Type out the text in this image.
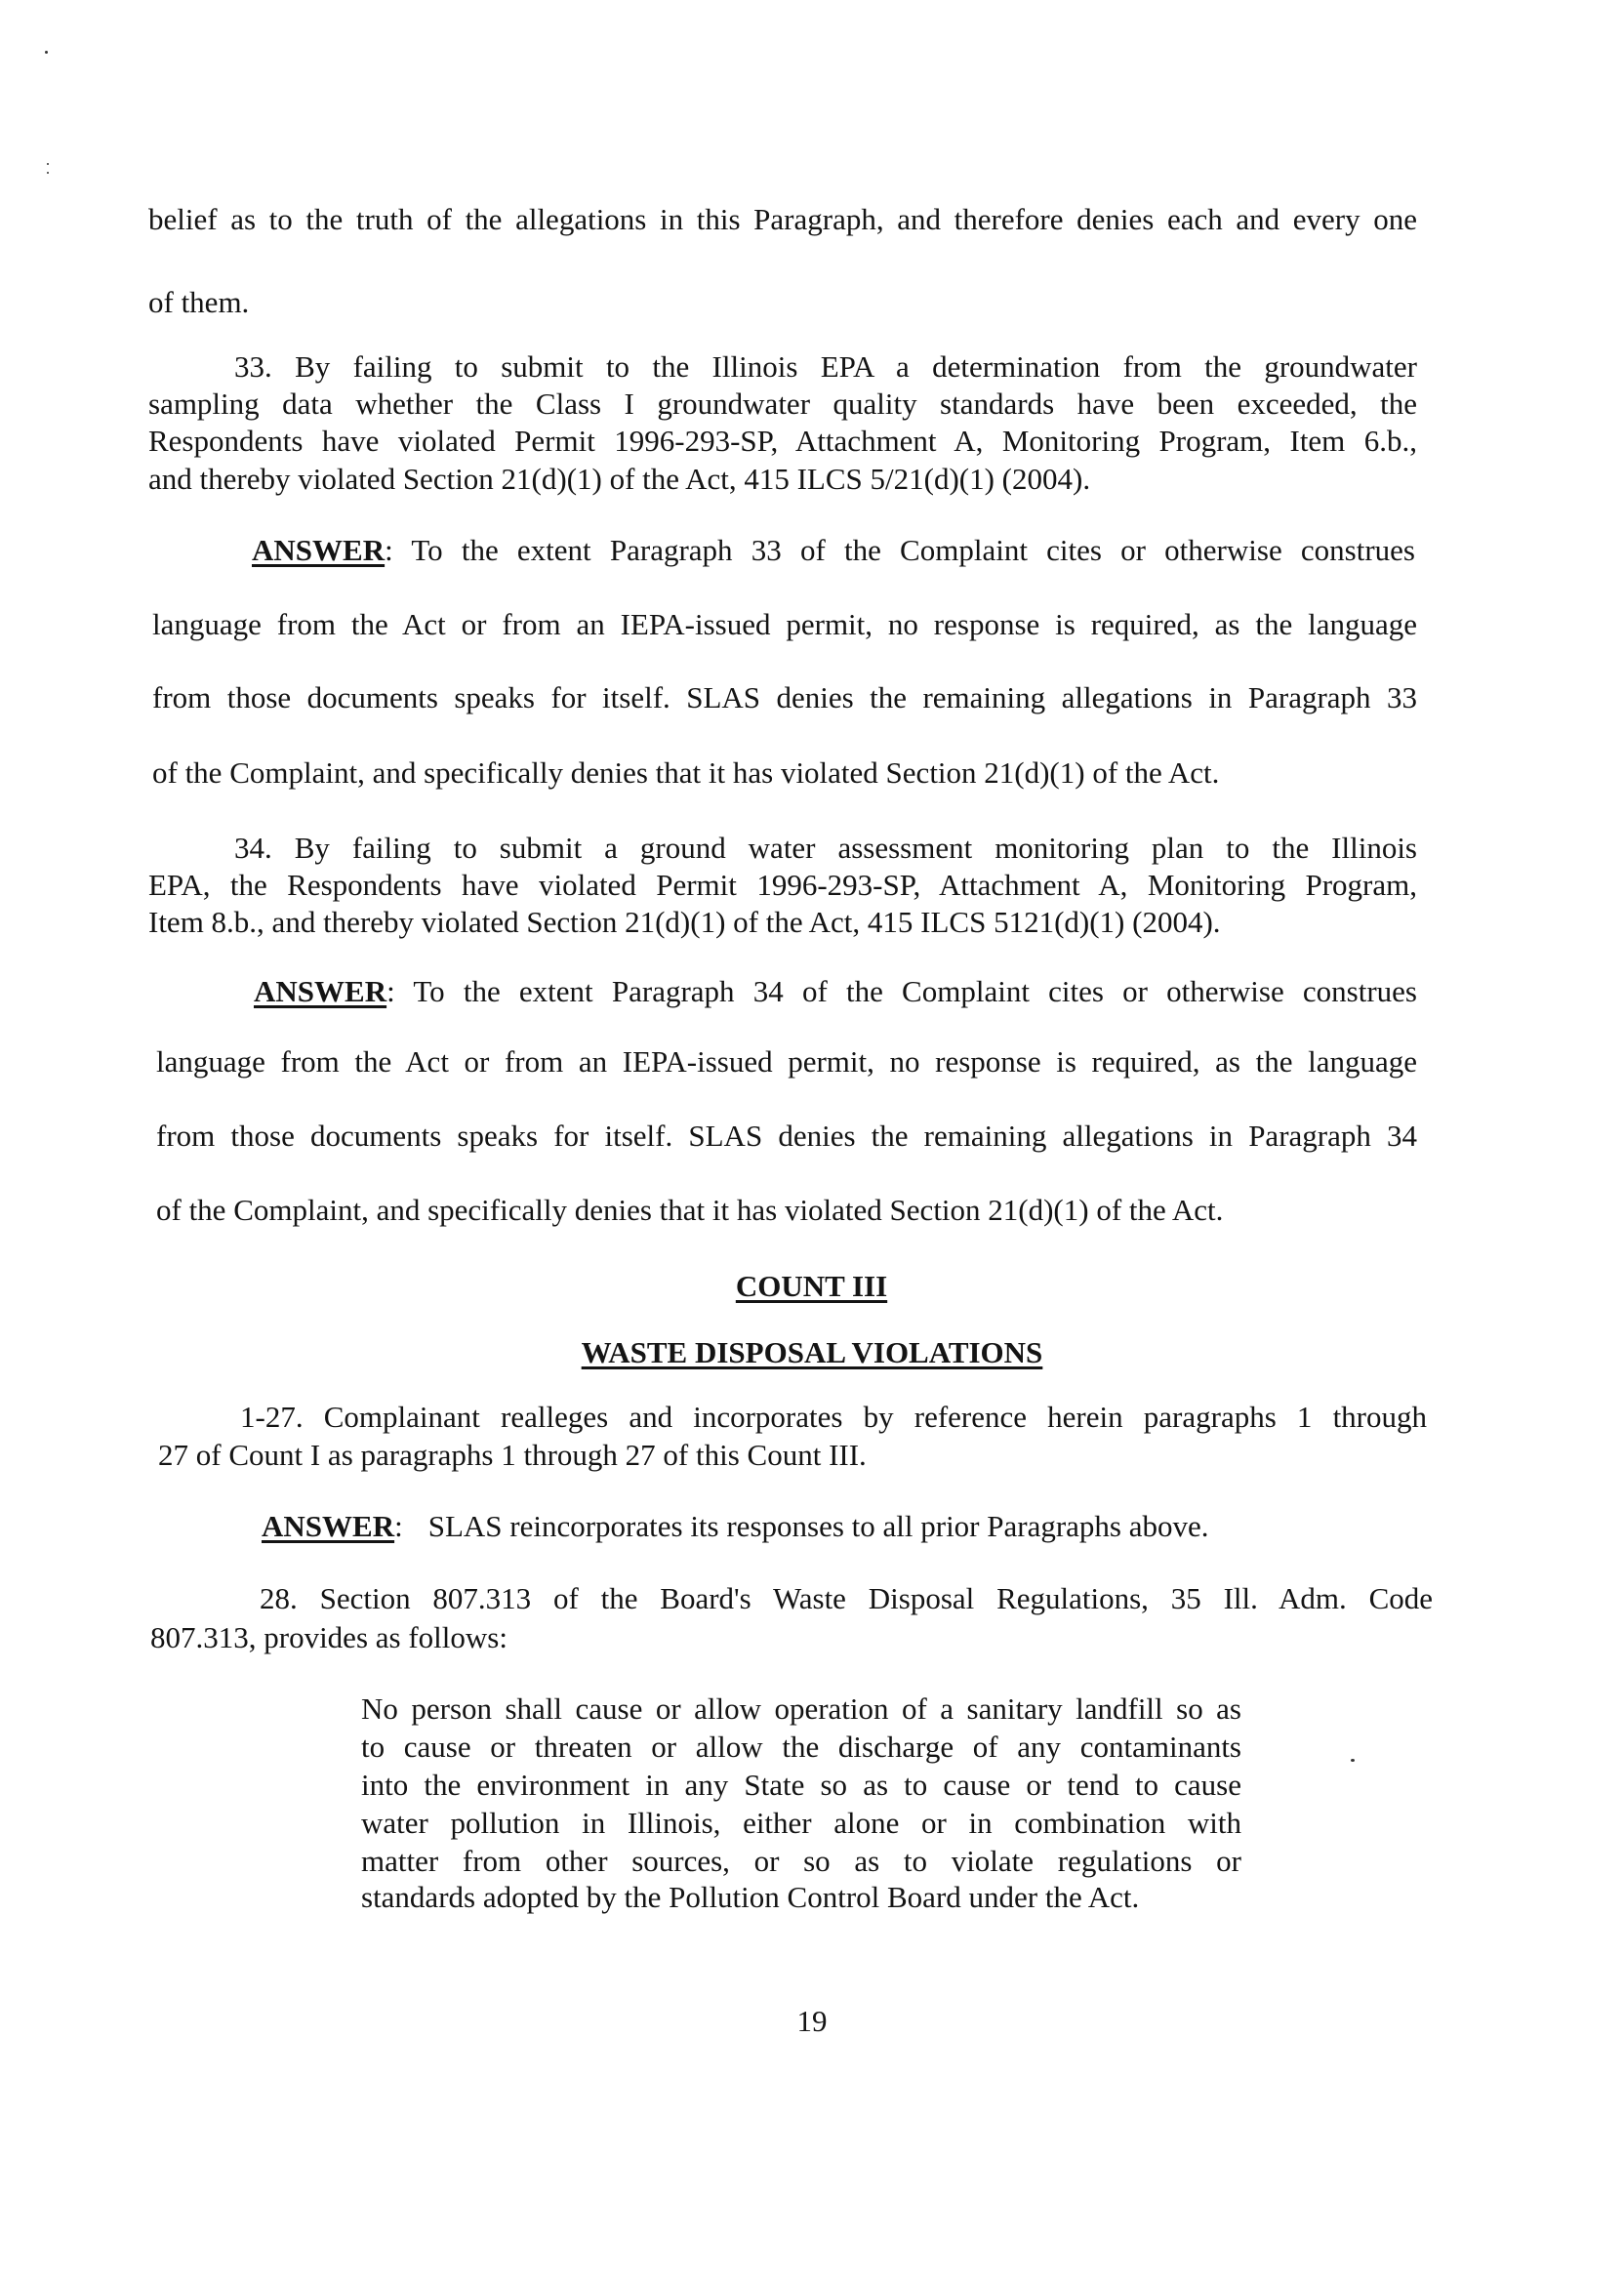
belief as to the truth of the allegations in this Paragraph, and therefore denies each and every one
of them.
33. By failing to submit to the Illinois EPA a determination from the groundwater
sampling data whether the Class I groundwater quality standards have been exceeded, the
Respondents have violated Permit 1996-293-SP, Attachment A, Monitoring Program, Item 6.b.,
and thereby violated Section 21(d)(1) of the Act, 415 ILCS 5/21(d)(1) (2004).
ANSWER: To the extent Paragraph 33 of the Complaint cites or otherwise construes
language from the Act or from an IEPA-issued permit, no response is required, as the language
from those documents speaks for itself. SLAS denies the remaining allegations in Paragraph 33
of the Complaint, and specifically denies that it has violated Section 21(d)(1) of the Act.
34. By failing to submit a ground water assessment monitoring plan to the Illinois
EPA, the Respondents have violated Permit 1996-293-SP, Attachment A, Monitoring Program,
Item 8.b., and thereby violated Section 21(d)(1) of the Act, 415 ILCS 5121(d)(1) (2004).
ANSWER: To the extent Paragraph 34 of the Complaint cites or otherwise construes
language from the Act or from an IEPA-issued permit, no response is required, as the language
from those documents speaks for itself. SLAS denies the remaining allegations in Paragraph 34
of the Complaint, and specifically denies that it has violated Section 21(d)(1) of the Act.
COUNT III
WASTE DISPOSAL VIOLATIONS
1-27. Complainant realleges and incorporates by reference herein paragraphs 1 through
27 of Count I as paragraphs 1 through 27 of this Count III.
ANSWER: SLAS reincorporates its responses to all prior Paragraphs above.
28. Section 807.313 of the Board's Waste Disposal Regulations, 35 Ill. Adm. Code
807.313, provides as follows:
No person shall cause or allow operation of a sanitary landfill so as
to cause or threaten or allow the discharge of any contaminants
into the environment in any State so as to cause or tend to cause
water pollution in Illinois, either alone or in combination with
matter from other sources, or so as to violate regulations or
standards adopted by the Pollution Control Board under the Act.
19
